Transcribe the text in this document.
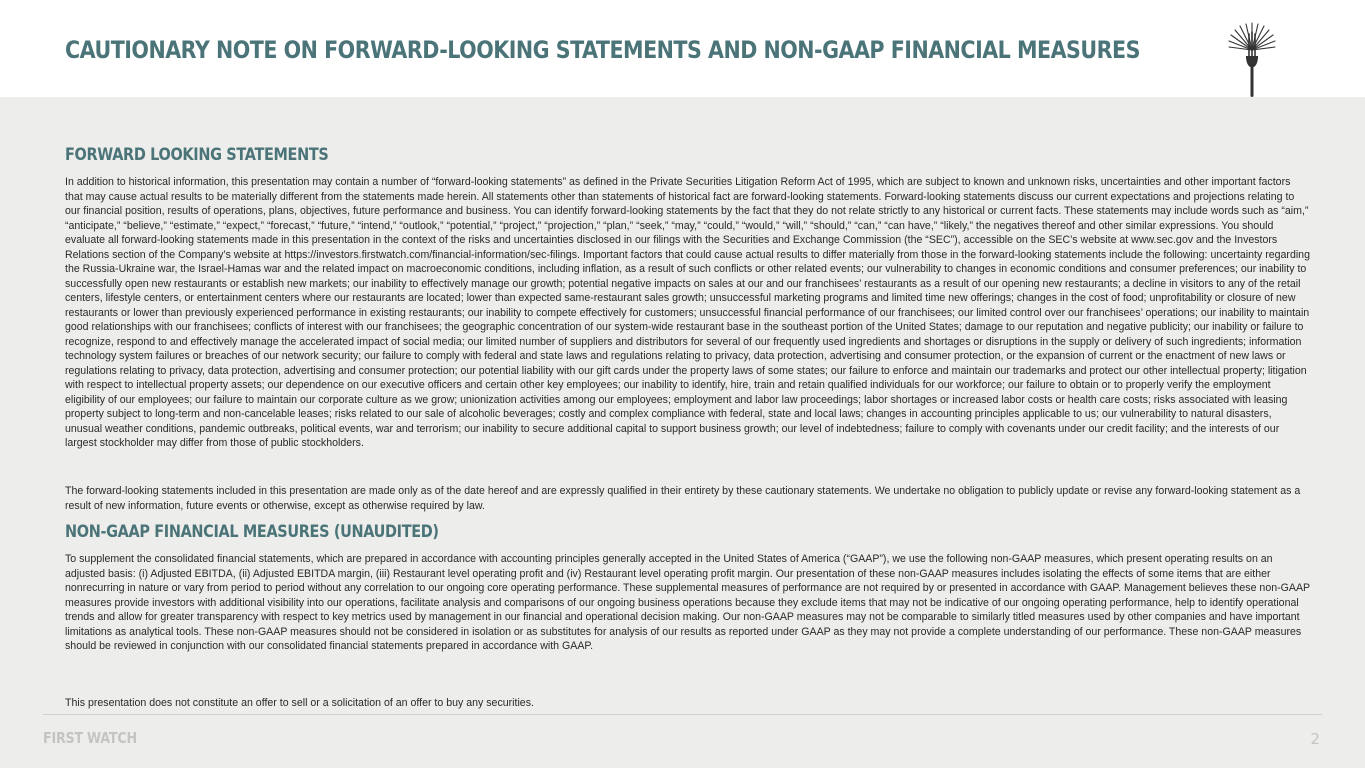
CAUTIONARY NOTE ON FORWARD-LOOKING STATEMENTS AND NON-GAAP FINANCIAL MEASURES
FORWARD LOOKING STATEMENTS

In addition to historical information, this presentation may contain a number of “forward-looking statements” as defined in the Private Securities Litigation Reform Act of 1995, which are subject to known and unknown risks, uncertainties and other important factors that may cause actual results to be materially different from the statements made herein. All statements other than statements of historical fact are forward-looking statements. Forward-looking statements discuss our current expectations and projections relating to our financial position, results of operations, plans, objectives, future performance and business. You can identify forward-looking statements by the fact that they do not relate strictly to any historical or current facts. These statements may include words such as “aim,” “anticipate,” “believe,” “estimate,” “expect,” “forecast,” “future,” “intend,” “outlook,” “potential,” “project,” “projection,” “plan,” “seek,” “may,” “could,” “would,” “will,” “should,” “can,” “can have,” “likely,” the negatives thereof and other similar expressions. You should evaluate all forward-looking statements made in this presentation in the context of the risks and uncertainties disclosed in our filings with the Securities and Exchange Commission (the “SEC”), accessible on the SEC’s website at www.sec.gov and the Investors Relations section of the Company’s website at https://investors.firstwatch.com/financial-information/sec-filings. Important factors that could cause actual results to differ materially from those in the forward-looking statements include the following: uncertainty regarding the Russia-Ukraine war, the Israel-Hamas war and the related impact on macroeconomic conditions, including inflation, as a result of such conflicts or other related events; our vulnerability to changes in economic conditions and consumer preferences; our inability to successfully open new restaurants or establish new markets; our inability to effectively manage our growth; potential negative impacts on sales at our and our franchisees’ restaurants as a result of our opening new restaurants; a decline in visitors to any of the retail centers, lifestyle centers, or entertainment centers where our restaurants are located; lower than expected same-restaurant sales growth; unsuccessful marketing programs and limited time new offerings; changes in the cost of food; unprofitability or closure of new restaurants or lower than previously experienced performance in existing restaurants; our inability to compete effectively for customers; unsuccessful financial performance of our franchisees; our limited control over our franchisees’ operations; our inability to maintain good relationships with our franchisees; conflicts of interest with our franchisees; the geographic concentration of our system-wide restaurant base in the southeast portion of the United States; damage to our reputation and negative publicity; our inability or failure to recognize, respond to and effectively manage the accelerated impact of social media; our limited number of suppliers and distributors for several of our frequently used ingredients and shortages or disruptions in the supply or delivery of such ingredients; information technology system failures or breaches of our network security; our failure to comply with federal and state laws and regulations relating to privacy, data protection, advertising and consumer protection, or the expansion of current or the enactment of new laws or regulations relating to privacy, data protection, advertising and consumer protection; our potential liability with our gift cards under the property laws of some states; our failure to enforce and maintain our trademarks and protect our other intellectual property; litigation with respect to intellectual property assets; our dependence on our executive officers and certain other key employees; our inability to identify, hire, train and retain qualified individuals for our workforce; our failure to obtain or to properly verify the employment eligibility of our employees; our failure to maintain our corporate culture as we grow; unionization activities among our employees; employment and labor law proceedings; labor shortages or increased labor costs or health care costs; risks associated with leasing property subject to long-term and non-cancelable leases; risks related to our sale of alcoholic beverages; costly and complex compliance with federal, state and local laws; changes in accounting principles applicable to us; our vulnerability to natural disasters, unusual weather conditions, pandemic outbreaks, political events, war and terrorism; our inability to secure additional capital to support business growth; our level of indebtedness; failure to comply with covenants under our credit facility; and the interests of our largest stockholder may differ from those of public stockholders.

The forward-looking statements included in this presentation are made only as of the date hereof and are expressly qualified in their entirety by these cautionary statements. We undertake no obligation to publicly update or revise any forward-looking statement as a result of new information, future events or otherwise, except as otherwise required by law.

NON-GAAP FINANCIAL MEASURES (UNAUDITED)

To supplement the consolidated financial statements, which are prepared in accordance with accounting principles generally accepted in the United States of America (“GAAP”), we use the following non-GAAP measures, which present operating results on an adjusted basis: (i) Adjusted EBITDA, (ii) Adjusted EBITDA margin, (iii) Restaurant level operating profit and (iv) Restaurant level operating profit margin. Our presentation of these non-GAAP measures includes isolating the effects of some items that are either nonrecurring in nature or vary from period to period without any correlation to our ongoing core operating performance. These supplemental measures of performance are not required by or presented in accordance with GAAP. Management believes these non-GAAP measures provide investors with additional visibility into our operations, facilitate analysis and comparisons of our ongoing business operations because they exclude items that may not be indicative of our ongoing operating performance, help to identify operational trends and allow for greater transparency with respect to key metrics used by management in our financial and operational decision making. Our non-GAAP measures may not be comparable to similarly titled measures used by other companies and have important limitations as analytical tools. These non-GAAP measures should not be considered in isolation or as substitutes for analysis of our results as reported under GAAP as they may not provide a complete understanding of our performance. These non-GAAP measures should be reviewed in conjunction with our consolidated financial statements prepared in accordance with GAAP.

This presentation does not constitute an offer to sell or a solicitation of an offer to buy any securities.

FIRST WATCH	2
